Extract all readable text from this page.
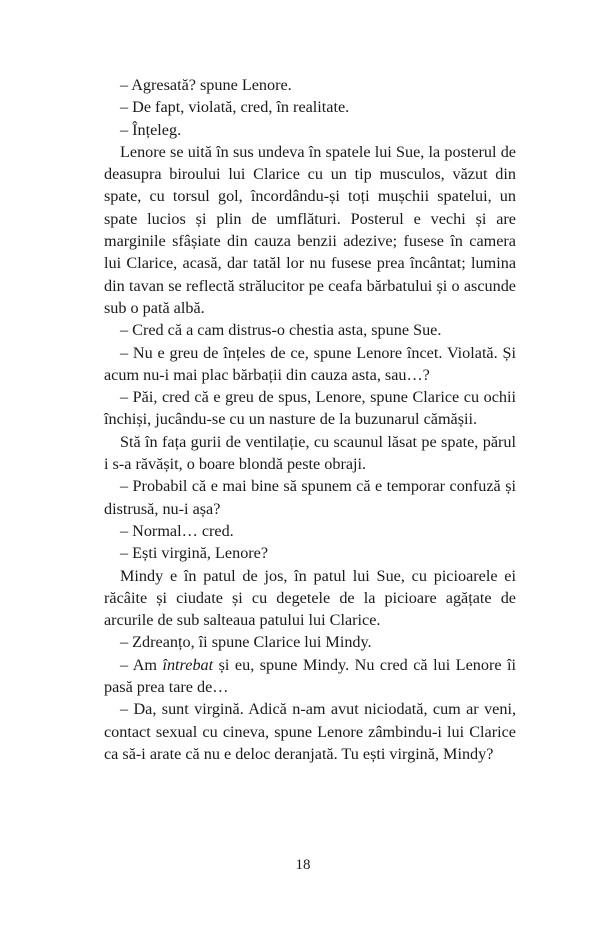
– Agresată? spune Lenore.

– De fapt, violată, cred, în realitate.

– Înțeleg.

Lenore se uită în sus undeva în spatele lui Sue, la posterul de deasupra biroului lui Clarice cu un tip musculos, văzut din spate, cu torsul gol, încordându-și toți mușchii spatelui, un spate lucios și plin de umflături. Posterul e vechi și are marginile sfâșiate din cauza benzii adezive; fusese în camera lui Clarice, acasă, dar tatăl lor nu fusese prea încântat; lumina din tavan se reflectă strălucitor pe ceafa bărbatului și o ascunde sub o pată albă.

– Cred că a cam distrus-o chestia asta, spune Sue.

– Nu e greu de înțeles de ce, spune Lenore încet. Violată. Și acum nu-i mai plac bărbații din cauza asta, sau…?

– Păi, cred că e greu de spus, Lenore, spune Clarice cu ochii închiși, jucându-se cu un nasture de la buzunarul cămășii.

Stă în fața gurii de ventilație, cu scaunul lăsat pe spate, părul i s-a răvășit, o boare blondă peste obraji.

– Probabil că e mai bine să spunem că e temporar confuză și distrusă, nu-i așa?

– Normal… cred.

– Ești virgină, Lenore?

Mindy e în patul de jos, în patul lui Sue, cu picioarele ei răcâite și ciudate și cu degetele de la picioare agățate de arcurile de sub salteaua patului lui Clarice.

– Zdreanțo, îi spune Clarice lui Mindy.

– Am întrebat și eu, spune Mindy. Nu cred că lui Lenore îi pasă prea tare de…

– Da, sunt virgină. Adică n-am avut niciodată, cum ar veni, contact sexual cu cineva, spune Lenore zâmbindu-i lui Clarice ca să-i arate că nu e deloc deranjată. Tu ești virgină, Mindy?

18
